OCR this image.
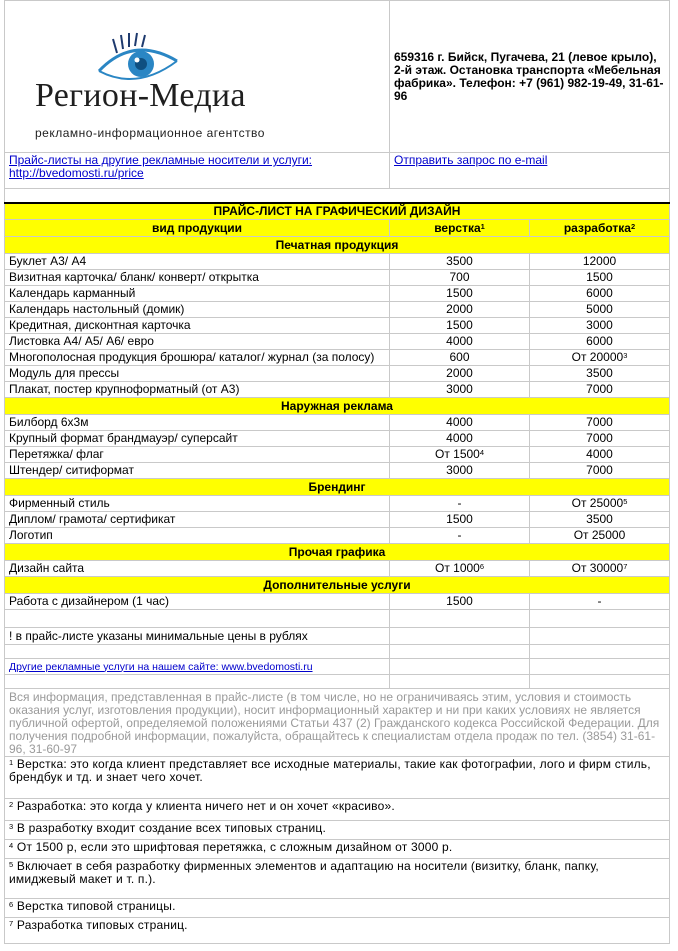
Регион-Медиа
рекламно-информационное агентство	659316 г. Бийск, Пугачева, 21 (левое крыло), 2-й этаж. Остановка транспорта «Мебельная фабрика». Телефон: +7 (961) 982-19-49, 31-61-96	
Прайс-листы на другие рекламные носители и услуги:
http://bvedomosti.ru/price	Отправить запрос по e-mail	

ПРАЙС-ЛИСТ НА ГРАФИЧЕСКИЙ ДИЗАЙН		
вид продукции	верстка$^1$	разработка$^2$
Печатная продукция		
Буклет А3/ А4	3500	12000
Визитная карточка/ бланк/ конверт/ открытка	700	1500
Календарь карманный	1500	6000
Календарь настольный (домик)	2000	5000
Кредитная, дисконтная карточка	1500	3000
Листовка А4/ А5/ А6/ евро	4000	6000
Многополосная продукция брошюра/ каталог/ журнал (за полосу)	600	От 20000$^3$
Модуль для прессы	2000	3500
Плакат, постер крупноформатный (от А3)	3000	7000
Наружная реклама		
Билборд 6х3м	4000	7000
Крупный формат брандмауэр/ суперсайт	4000	7000
Перетяжка/ флаг	От 1500$^4$	4000
Штендер/ ситиформат	3000	7000
Брендинг		
Фирменный стиль	-	От 25000$^5$
Диплом/ грамота/ сертификат	1500	3500
Логотип	-	От 25000
Прочая графика		
Дизайн сайта	От 1000$^6$	От 30000$^7$
Дополнительные услуги		
Работа с дизайнером (1 час)	1500	-

! в прайс-листе указаны минимальные цены в рублях		

Другие рекламные услуги на нашем сайте: www.bvedomosti.ru		

Вся информация, представленная в прайс-листе (в том числе, но не ограничиваясь этим, условия и стоимость оказания услуг, изготовления продукции), носит информационный характер и ни при каких условиях не является публичной офертой, определяемой положениями Статьи 437 (2) Гражданского кодекса Российской Федерации. Для получения подробной информации, пожалуйста, обращайтесь к специалистам отдела продаж по тел. (3854) 31-61-96, 31-60-97		
$^1$ Верстка: это когда клиент представляет все исходные материалы, такие как фотографии, лого и фирм стиль, брендбук и тд. и знает чего хочет.		
$^2$ Разработка: это когда у клиента ничего нет и он хочет «красиво».		
$^3$ В разработку входит создание всех типовых страниц.		
$^4$ От 1500 р, если это шрифтовая перетяжка, с сложным дизайном от 3000 р.		
$^5$ Включает в себя разработку фирменных элементов и адаптацию на носители (визитку, бланк, папку, имиджевый макет и т. п.).		
$^6$ Верстка типовой страницы.		
$^7$ Разработка типовых страниц.		
